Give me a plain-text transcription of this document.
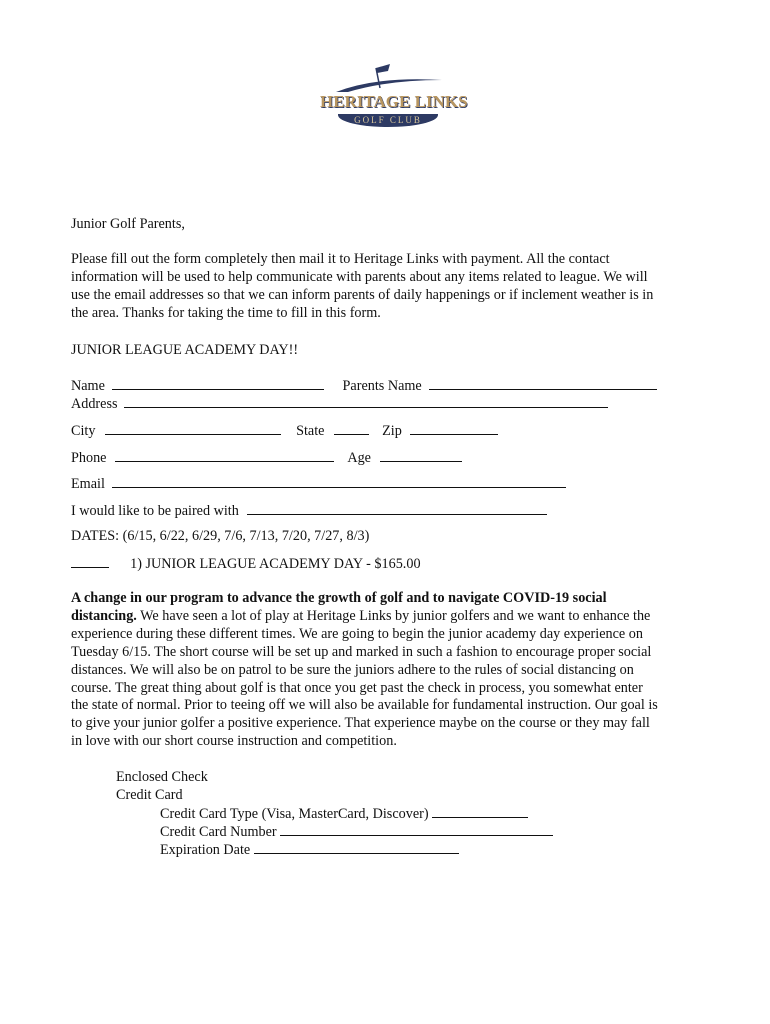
HERITAGE LINKS
GOLF CLUB
Junior Golf Parents,
Please fill out the form completely then mail it to Heritage Links with payment. All the contact
information will be used to help communicate with parents about any items related to league. We will
use the email addresses so that we can inform parents of daily happenings or if inclement weather is in
the area. Thanks for taking the time to fill in this form.
JUNIOR LEAGUE ACADEMY DAY!!
Name	Parents Name
Address
City	State	Zip
Phone	Age
Email
I would like to be paired with
DATES: (6/15, 6/22, 6/29, 7/6, 7/13, 7/20, 7/27, 8/3)
1) JUNIOR LEAGUE ACADEMY DAY - $165.00
A change in our program to advance the growth of golf and to navigate COVID-19 social
distancing. We have seen a lot of play at Heritage Links by junior golfers and we want to enhance the
experience during these different times. We are going to begin the junior academy day experience on
Tuesday 6/15. The short course will be set up and marked in such a fashion to encourage proper social
distances. We will also be on patrol to be sure the juniors adhere to the rules of social distancing on
course. The great thing about golf is that once you get past the check in process, you somewhat enter
the state of normal. Prior to teeing off we will also be available for fundamental instruction. Our goal is
to give your junior golfer a positive experience. That experience maybe on the course or they may fall
in love with our short course instruction and competition.
Enclosed Check
Credit Card
Credit Card Type (Visa, MasterCard, Discover)
Credit Card Number
Expiration Date
